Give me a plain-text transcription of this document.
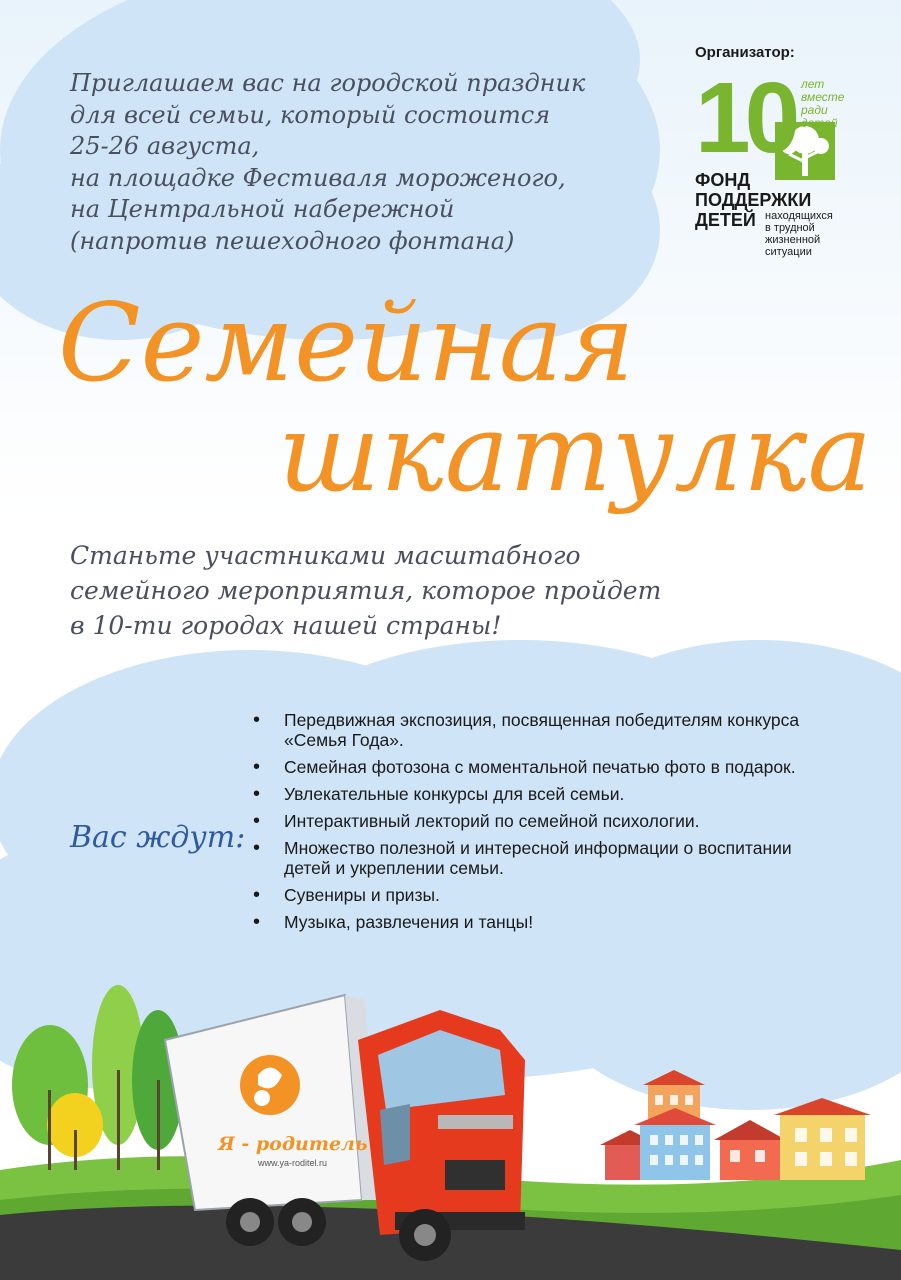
Приглашаем вас на городской праздник
для всей семьи, который состоится
25-26 августа,
на площадке Фестиваля мороженого,
на Центральной набережной
(напротив пешеходного фонтана)
Организатор:
10 лет
вместе
ради
детей
ФОНД
ПОДДЕРЖКИ
ДЕТЕЙ находящихся
в трудной
жизненной
ситуации
Семейная
шкатулка
Станьте участниками масштабного
семейного мероприятия, которое пройдет
в 10-ти городах нашей страны!
Вас ждут:
• Передвижная экспозиция, посвященная победителям конкурса «Семья Года».
• Семейная фотозона с моментальной печатью фото в подарок.
• Увлекательные конкурсы для всей семьи.
• Интерактивный лекторий по семейной психологии.
• Множество полезной и интересной информации о воспитании детей и укреплении семьи.
• Сувениры и призы.
• Музыка, развлечения и танцы!
Я - родитель
www.ya-roditel.ru
